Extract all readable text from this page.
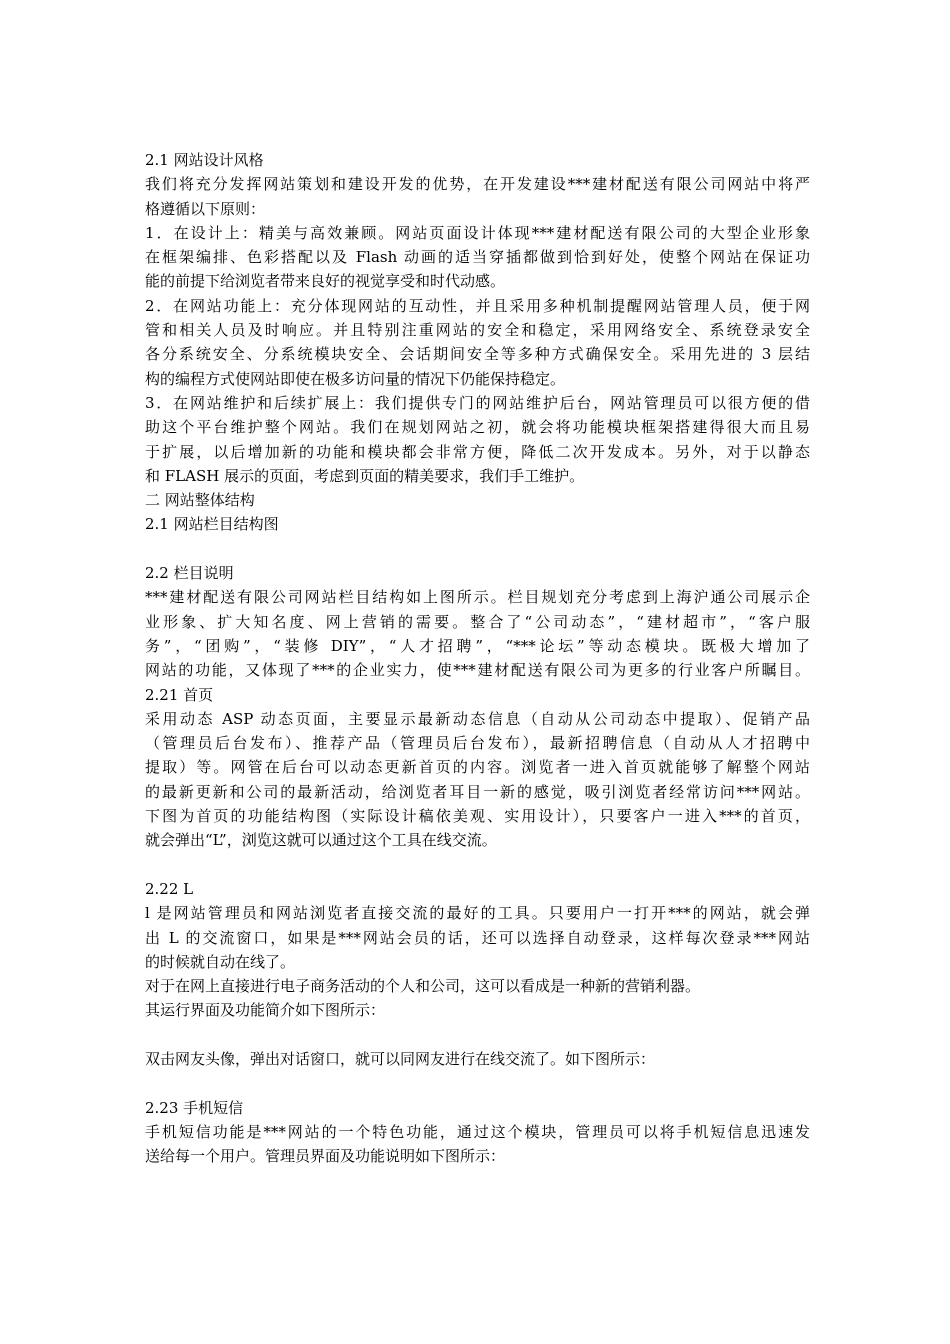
2.1 网站设计风格
我们将充分发挥网站策划和建设开发的优势，在开发建设***建材配送有限公司网站中将严
格遵循以下原则：
1．在设计上：精美与高效兼顾。网站页面设计体现***建材配送有限公司的大型企业形象
在框架编排、色彩搭配以及 Flash 动画的适当穿插都做到恰到好处，使整个网站在保证功
能的前提下给浏览者带来良好的视觉享受和时代动感。
2．在网站功能上：充分体现网站的互动性，并且采用多种机制提醒网站管理人员，便于网
管和相关人员及时响应。并且特别注重网站的安全和稳定，采用网络安全、系统登录安全
各分系统安全、分系统模块安全、会话期间安全等多种方式确保安全。采用先进的 3 层结
构的编程方式使网站即使在极多访问量的情况下仍能保持稳定。
3．在网站维护和后续扩展上：我们提供专门的网站维护后台，网站管理员可以很方便的借
助这个平台维护整个网站。我们在规划网站之初，就会将功能模块框架搭建得很大而且易
于扩展，以后增加新的功能和模块都会非常方便，降低二次开发成本。另外，对于以静态
和 FLASH 展示的页面，考虑到页面的精美要求，我们手工维护。
二 网站整体结构
2.1 网站栏目结构图
2.2 栏目说明
***建材配送有限公司网站栏目结构如上图所示。栏目规划充分考虑到上海沪通公司展示企
业形象、扩大知名度、网上营销的需要。整合了“公司动态”，“建材超市”，“客户服
务”，“团购”，“装修 DIY”，“人才招聘”，“***论坛”等动态模块。既极大增加了
网站的功能，又体现了***的企业实力，使***建材配送有限公司为更多的行业客户所瞩目。
2.21 首页
采用动态 ASP 动态页面，主要显示最新动态信息（自动从公司动态中提取）、促销产品
（管理员后台发布）、推荐产品（管理员后台发布），最新招聘信息（自动从人才招聘中
提取）等。网管在后台可以动态更新首页的内容。浏览者一进入首页就能够了解整个网站
的最新更新和公司的最新活动，给浏览者耳目一新的感觉，吸引浏览者经常访问***网站。
下图为首页的功能结构图（实际设计稿依美观、实用设计），只要客户一进入***的首页，
就会弹出“L”，浏览这就可以通过这个工具在线交流。
2.22 L
l 是网站管理员和网站浏览者直接交流的最好的工具。只要用户一打开***的网站，就会弹
出 L 的交流窗口，如果是***网站会员的话，还可以选择自动登录，这样每次登录***网站
的时候就自动在线了。
对于在网上直接进行电子商务活动的个人和公司，这可以看成是一种新的营销利器。
其运行界面及功能简介如下图所示：
双击网友头像，弹出对话窗口，就可以同网友进行在线交流了。如下图所示：
2.23 手机短信
手机短信功能是***网站的一个特色功能，通过这个模块，管理员可以将手机短信息迅速发
送给每一个用户。管理员界面及功能说明如下图所示：
